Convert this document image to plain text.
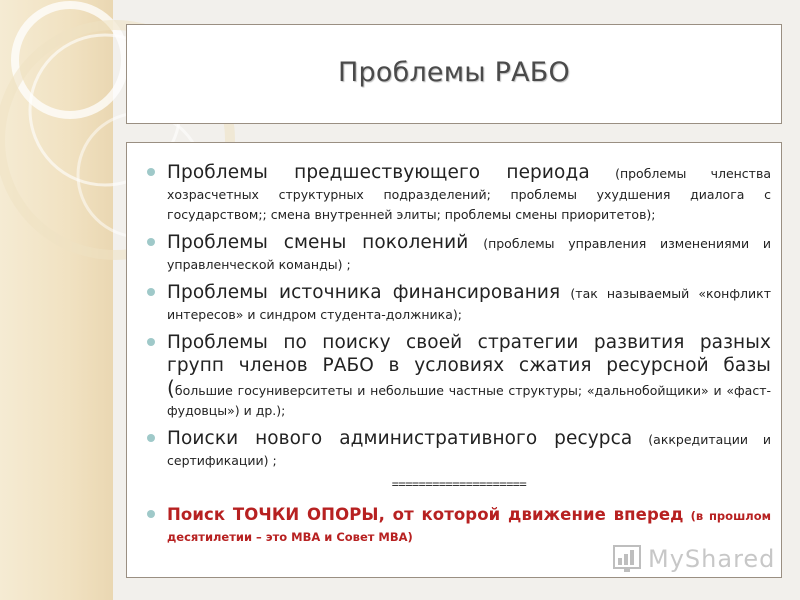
Проблемы РАБО
Проблемы предшествующего периода (проблемы членства хозрасчетных структурных подразделений; проблемы ухудшения диалога с государством;; смена внутренней элиты; проблемы смены приоритетов);
Проблемы смены поколений (проблемы управления изменениями и управленческой команды) ;
Проблемы источника финансирования (так называемый «конфликт интересов» и синдром студента-должника);
Проблемы по поиску своей стратегии развития разных групп членов РАБО в условиях сжатия ресурсной базы (большие госуниверситеты и небольшие частные структуры; «дальнобойщики» и «фаст-фудовцы») и др.);
Поиски нового административного ресурса (аккредитации и сертификации) ;
====================
Поиск ТОЧКИ ОПОРЫ, от которой движение вперед (в прошлом десятилетии – это МВА и Совет МВА)
MyShared
